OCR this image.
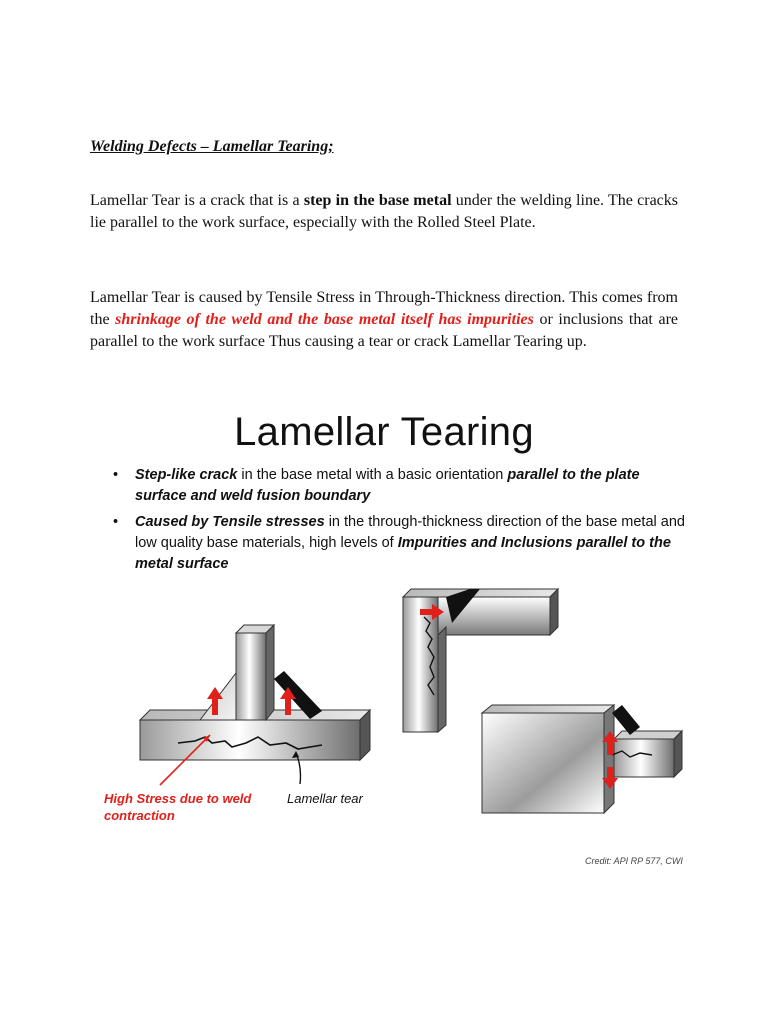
Welding Defects – Lamellar Tearing;

Lamellar Tear is a crack that is a step in the base metal under the welding line. The cracks lie parallel to the work surface, especially with the Rolled Steel Plate.

Lamellar Tear is caused by Tensile Stress in Through-Thickness direction. This comes from the shrinkage of the weld and the base metal itself has impurities or inclusions that are parallel to the work surface Thus causing a tear or crack Lamellar Tearing up.

Lamellar Tearing
• Step-like crack in the base metal with a basic orientation parallel to the plate surface and weld fusion boundary
• Caused by Tensile stresses in the through-thickness direction of the base metal and low quality base materials, high levels of Impurities and Inclusions parallel to the metal surface
High Stress due to weld contraction
Lamellar tear
Credit: API RP 577, CWI
